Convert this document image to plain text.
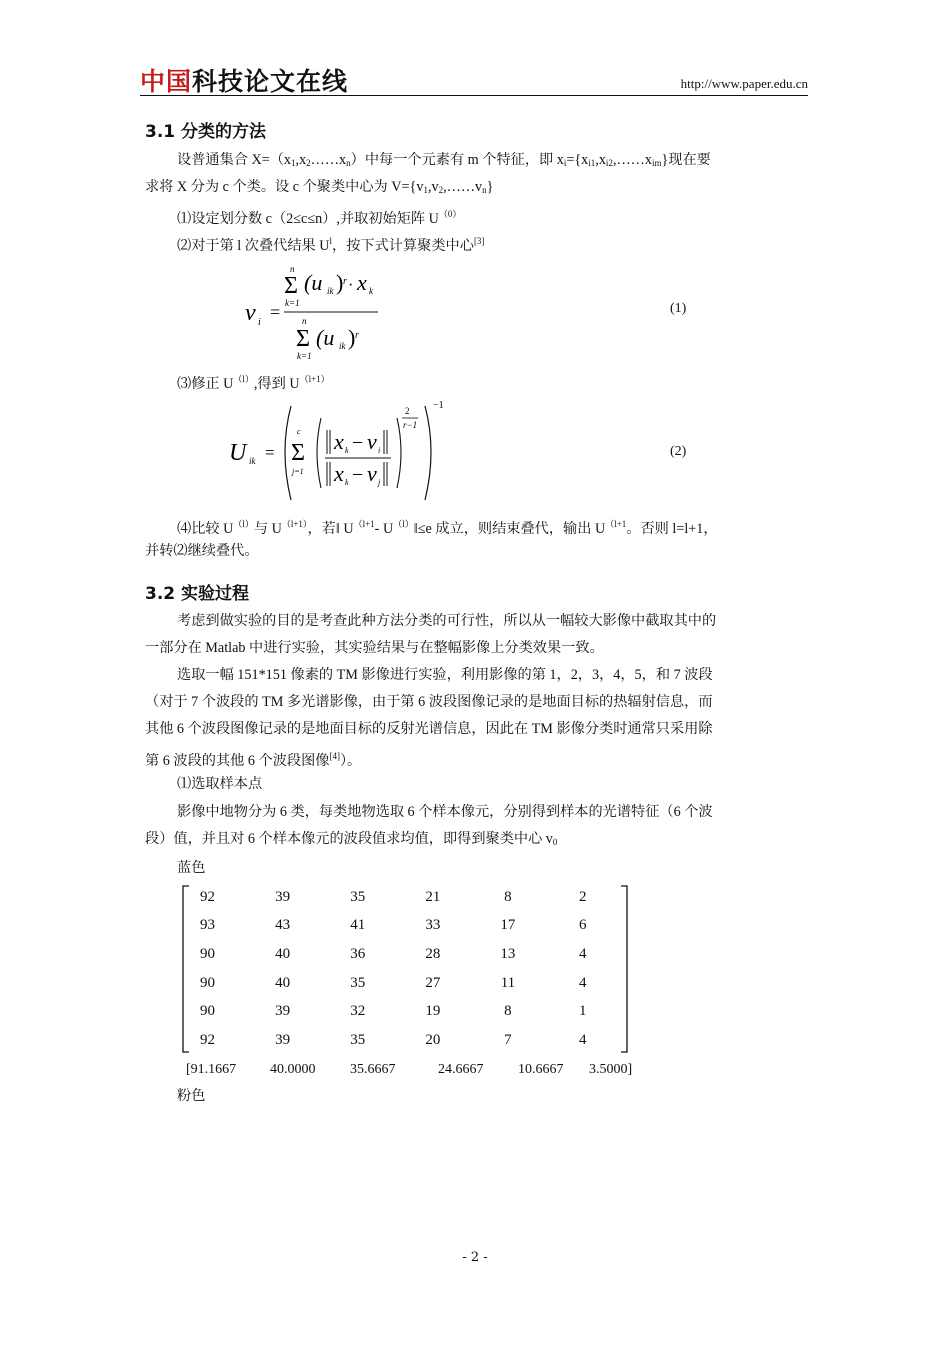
中国科技论文在线	http://www.paper.edu.cn
3.1 分类的方法
设普通集合 $X=(x_1,x_2\dots\dots x_n)$中每一个元素有 m 个特征，即 $x_i=\{x_{i1},x_{i2},\dots\dots x_{im}\}$现在要
求将 X 分为 c 个类。设 c 个聚类中心为 $V=\{v_1,v_2,\dots\dots v_n\}$
⑴设定划分数 c（2≤c≤n）,并取初始矩阵 $U^{(0)}$
⑵对于第 l 次叠代结果 $U^l$，按下式计算聚类中心[3]
v i
=
n
Σ
k=1
(u ik ) r · x k
n
Σ
k=1
(u ik ) r
(1)
⑶修正 $U^{(l)}$,得到 $U^{(l+1)}$
U ik =
−1
c
Σ
j=1
2
r−1
x k − v i
x k − v j
(2)
⑷比较 $U^{(l)}$与 $U^{(l+1)}$，若‖ $U^{(l+1}-$ $U^{(l)}‖\le e$ 成立，则结束叠代，输出 $U^{(l+1}$。否则 l=l+1，
并转⑵继续叠代。
3.2 实验过程
考虑到做实验的目的是考查此种方法分类的可行性，所以从一幅较大影像中截取其中的
一部分在 Matlab 中进行实验，其实验结果与在整幅影像上分类效果一致。
选取一幅 151*151 像素的 TM 影像进行实验，利用影像的第 1，2，3，4，5，和 7 波段
（对于 7 个波段的 TM 多光谱影像，由于第 6 波段图像记录的是地面目标的热辐射信息，而
其他 6 个波段图像记录的是地面目标的反射光谱信息，因此在 TM 影像分类时通常只采用除
第 6 波段的其他 6 个波段图像[4]）。
⑴选取样本点
影像中地物分为 6 类，每类地物选取 6 个样本像元，分别得到样本的光谱特征（6 个波
段）值，并且对 6 个样本像元的波段值求均值，即得到聚类中心 $v_0$
蓝色
92	39	35	21	8	2
93	43	41	33	17	6
90	40	36	28	13	4
90	40	35	27	11	4
90	39	32	19	8	1
92	39	35	20	7	4
[91.1667 40.0000 35.6667	24.6667 10.6667 3.5000]
粉色
- 2 -
